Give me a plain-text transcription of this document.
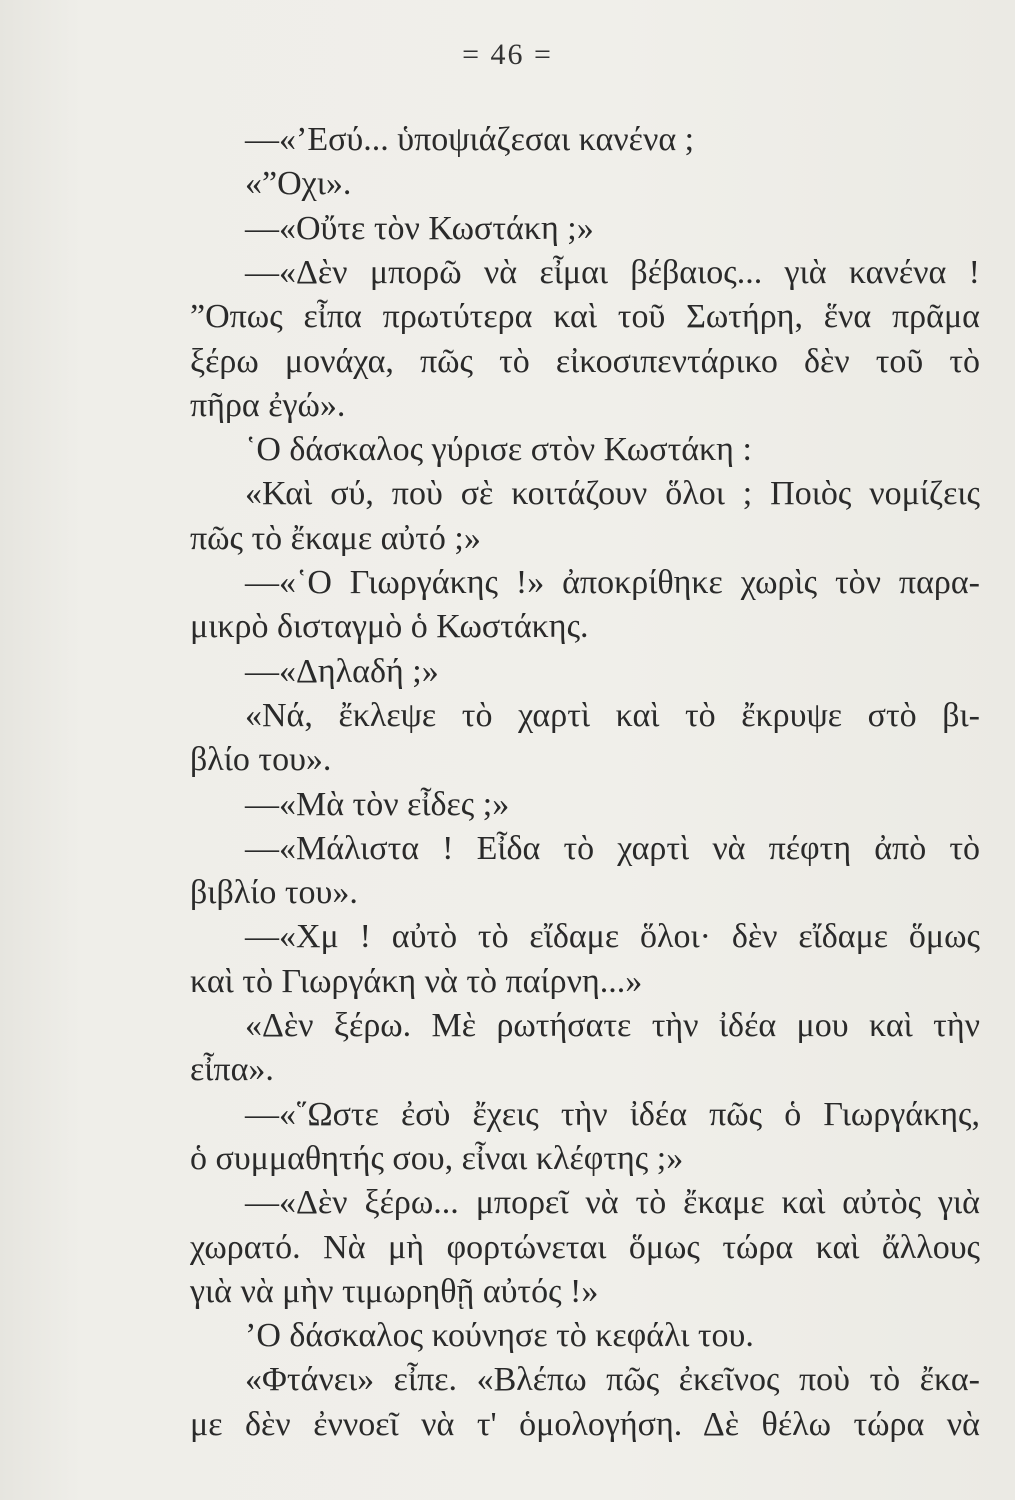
= 46 =
—«’Εσύ... ὑποψιάζεσαι κανένα ;
«”Οχι».
—«Οὔτε τὸν Κωστάκη ;»
—«Δὲν μπορῶ νὰ εἶμαι βέβαιος... γιὰ κανένα !
”Οπως εἶπα πρωτύτερα καὶ τοῦ Σωτήρη, ἕνα πρᾶμα
ξέρω μονάχα, πῶς τὸ εἰκοσιπεντάρικο δὲν τοῦ τὸ
πῆρα ἐγώ».
῾Ο δάσκαλος γύρισε στὸν Κωστάκη :
«Καὶ σύ, ποὺ σὲ κοιτάζουν ὅλοι ; Ποιὸς νομίζεις
πῶς τὸ ἔκαμε αὐτό ;»
—«῾Ο Γιωργάκης !» ἀποκρίθηκε χωρὶς τὸν παρα-
μικρὸ δισταγμὸ ὁ Κωστάκης.
—«Δηλαδή ;»
«Νά, ἔκλεψε τὸ χαρτὶ καὶ τὸ ἔκρυψε στὸ βι-
βλίο του».
—«Μὰ τὸν εἶδες ;»
—«Μάλιστα ! Εἶδα τὸ χαρτὶ νὰ πέφτη ἀπὸ τὸ
βιβλίο του».
—«Χμ ! αὐτὸ τὸ εἴδαμε ὅλοι· δὲν εἴδαμε ὅμως
καὶ τὸ Γιωργάκη νὰ τὸ παίρνη...»
«Δὲν ξέρω. Μὲ ρωτήσατε τὴν ἰδέα μου καὶ τὴν
εἶπα».
—«῞Ωστε ἐσὺ ἔχεις τὴν ἰδέα πῶς ὁ Γιωργάκης,
ὁ συμμαθητής σου, εἶναι κλέφτης ;»
—«Δὲν ξέρω... μπορεῖ νὰ τὸ ἔκαμε καὶ αὐτὸς γιὰ
χωρατό. Νὰ μὴ φορτώνεται ὅμως τώρα καὶ ἄλλους
γιὰ νὰ μὴν τιμωρηθῇ αὐτός !»
’Ο δάσκαλος κούνησε τὸ κεφάλι του.
«Φτάνει» εἶπε. «Βλέπω πῶς ἐκεῖνος ποὺ τὸ ἔκα-
με δὲν ἐννοεῖ νὰ τ' ὁμολογήση. Δὲ θέλω τώρα νὰ
